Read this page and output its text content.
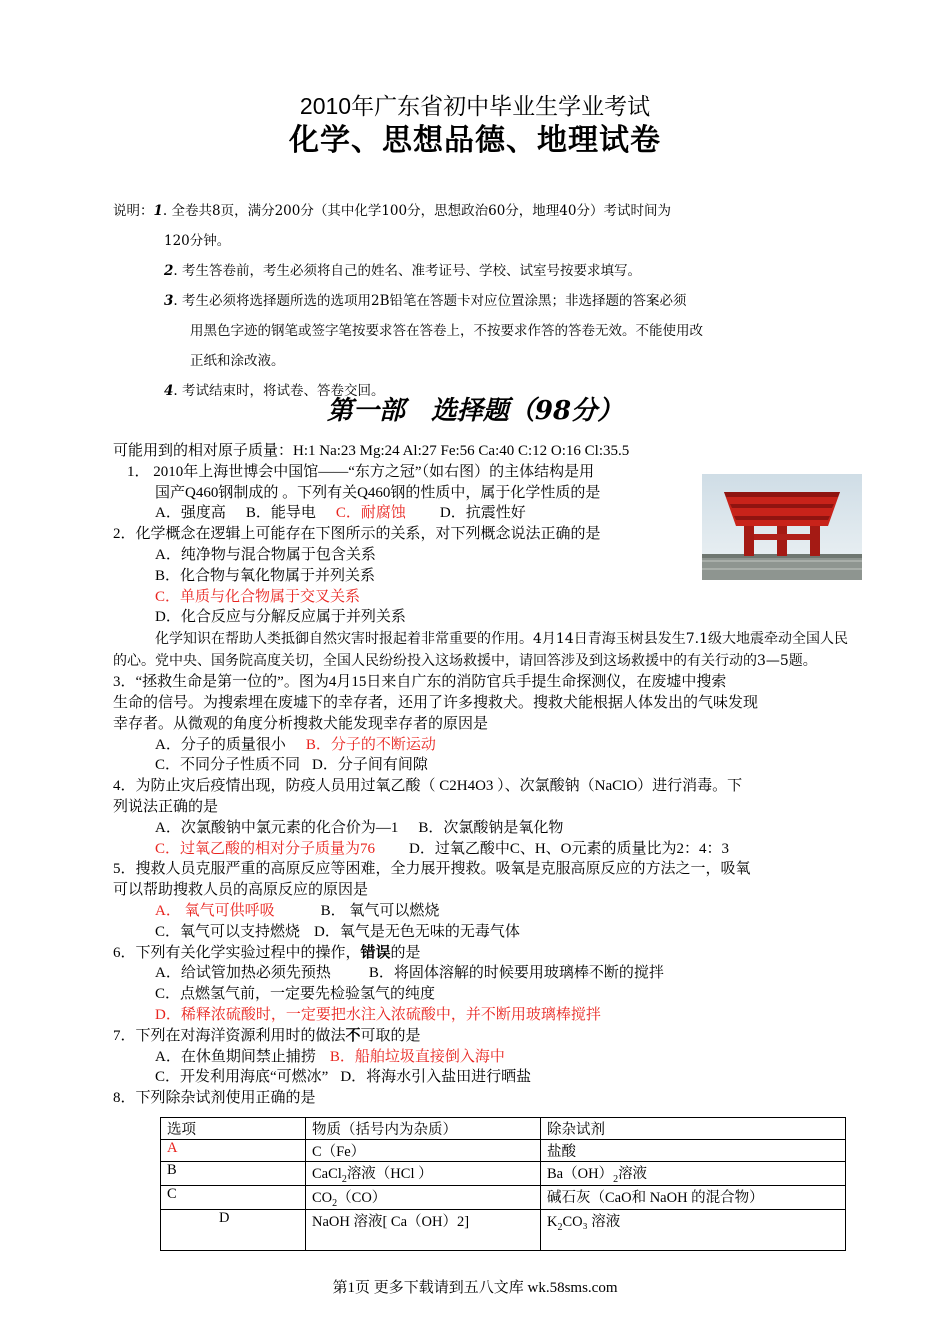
2010年广东省初中毕业生学业考试
化学、思想品德、地理试卷
说明：1. 全卷共8页，满分200分（其中化学100分，思想政治60分，地理40分）考试时间为
120分钟。
2. 考生答卷前，考生必须将自己的姓名、准考证号、学校、试室号按要求填写。
3. 考生必须将选择题所选的选项用2B铅笔在答题卡对应位置涂黑；非选择题的答案必须
用黑色字迹的钢笔或签字笔按要求答在答卷上，不按要求作答的答卷无效。不能使用改
正纸和涂改液。
4. 考试结束时，将试卷、答卷交回。
第一部　选择题（98分）
可能用到的相对原子质量：H:1 Na:23 Mg:24 Al:27 Fe:56 Ca:40 C:12 O:16 Cl:35.5
1． 2010年上海世博会中国馆——“东方之冠”（如右图）的主体结构是用
国产Q460钢制成的 。下列有关Q460钢的性质中，属于化学性质的是
A．强度高 B．能导电 C．耐腐蚀 D．抗震性好
2．化学概念在逻辑上可能存在下图所示的关系，对下列概念说法正确的是
A．纯净物与混合物属于包含关系
B．化合物与氧化物属于并列关系
C．单质与化合物属于交叉关系
D．化合反应与分解反应属于并列关系
化学知识在帮助人类抵御自然灾害时报起着非常重要的作用。4月14日青海玉树县发生7.1级大地震牵动全国人民的心。党中央、国务院高度关切，全国人民纷纷投入这场救援中，请回答涉及到这场救援中的有关行动的3—5题。
3．“拯救生命是第一位的”。图为4月15日来自广东的消防官兵手提生命探测仪，在废墟中搜索
生命的信号。为搜索埋在废墟下的幸存者，还用了许多搜救犬。搜救犬能根据人体发出的气味发现
幸存者。从微观的角度分析搜救犬能发现幸存者的原因是
A．分子的质量很小 B．分子的不断运动
C．不同分子性质不同 D．分子间有间隙
4．为防止灾后疫情出现，防疫人员用过氧乙酸（ C2H4O3 ）、次氯酸钠（NaClO）进行消毒。下
列说法正确的是
A．次氯酸钠中氯元素的化合价为—1 B．次氯酸钠是氧化物
C．过氧乙酸的相对分子质量为76 D．过氧乙酸中C、H、O元素的质量比为2：4：3
5．搜救人员克服严重的高原反应等困难，全力展开搜救。吸氧是克服高原反应的方法之一，吸氧
可以帮助搜救人员的高原反应的原因是
A． 氧气可供呼吸	B． 氧气可以燃烧
C．氧气可以支持燃烧 D．氧气是无色无味的无毒气体
6．下列有关化学实验过程中的操作，错误的是
A．给试管加热必须先预热	B．将固体溶解的时候要用玻璃棒不断的搅拌
C．点燃氢气前，一定要先检验氢气的纯度
D．稀释浓硫酸时，一定要把水注入浓硫酸中，并不断用玻璃棒搅拌
7．下列在对海洋资源利用时的做法不可取的是
A．在休鱼期间禁止捕捞 B．船舶垃圾直接倒入海中
C．开发利用海底“可燃冰” D．将海水引入盐田进行晒盐
8．下列除杂试剂使用正确的是
选项	物质（括号内为杂质）	除杂试剂
A	C（Fe）	盐酸
B	CaCl$_2$溶液（HCl ）	$Ba(OH)_2$溶液
C	$CO_2(CO)$	碱石灰（CaO和 NaOH 的混合物）
D	NaOH 溶液[ Ca（OH）2]	$K_2CO_3$ 溶液
第1页 更多下载请到五八文库 wk.58sms.com
